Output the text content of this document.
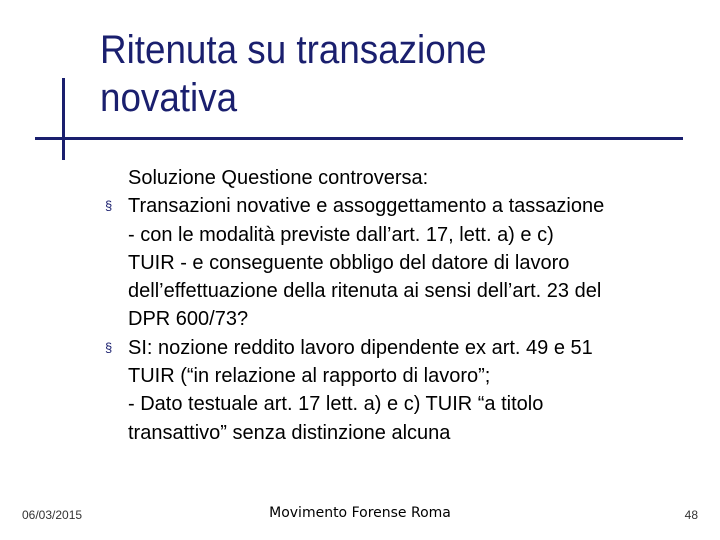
Ritenuta su transazione
novativa
Soluzione Questione controversa:
§ Transazioni novative e assoggettamento a tassazione
- con le modalità previste dall’art. 17, lett. a) e c)
TUIR - e conseguente obbligo del datore di lavoro
dell’effettuazione della ritenuta ai sensi dell’art. 23 del
DPR 600/73?
§ SI: nozione reddito lavoro dipendente ex art. 49 e 51
TUIR (“in relazione al rapporto di lavoro”;
- Dato testuale art. 17 lett. a) e c) TUIR “a titolo
transattivo” senza distinzione alcuna
06/03/2015	Movimento Forense Roma	48
